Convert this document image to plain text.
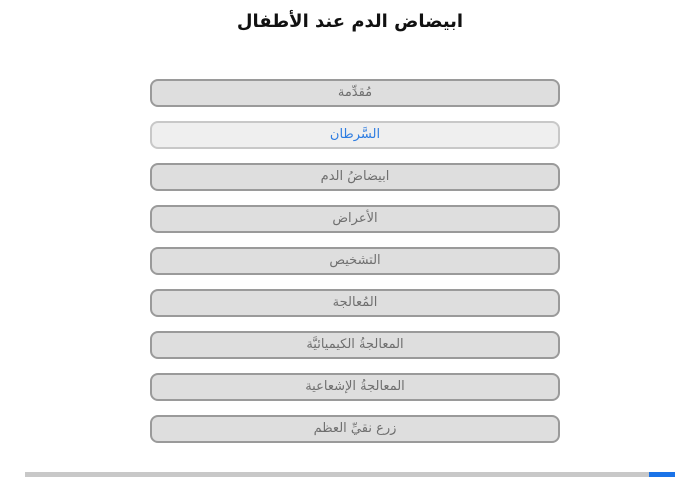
ابيضاض الدم عند الأطفال
مُقدِّمة
السَّرطان
ابيضاضُ الدم
الأعراض
التشخيص
المُعالجة
المعالجةُ الكيميائيَّة
المعالجةُ الإشعاعية
زرع نقيِّ العظم
